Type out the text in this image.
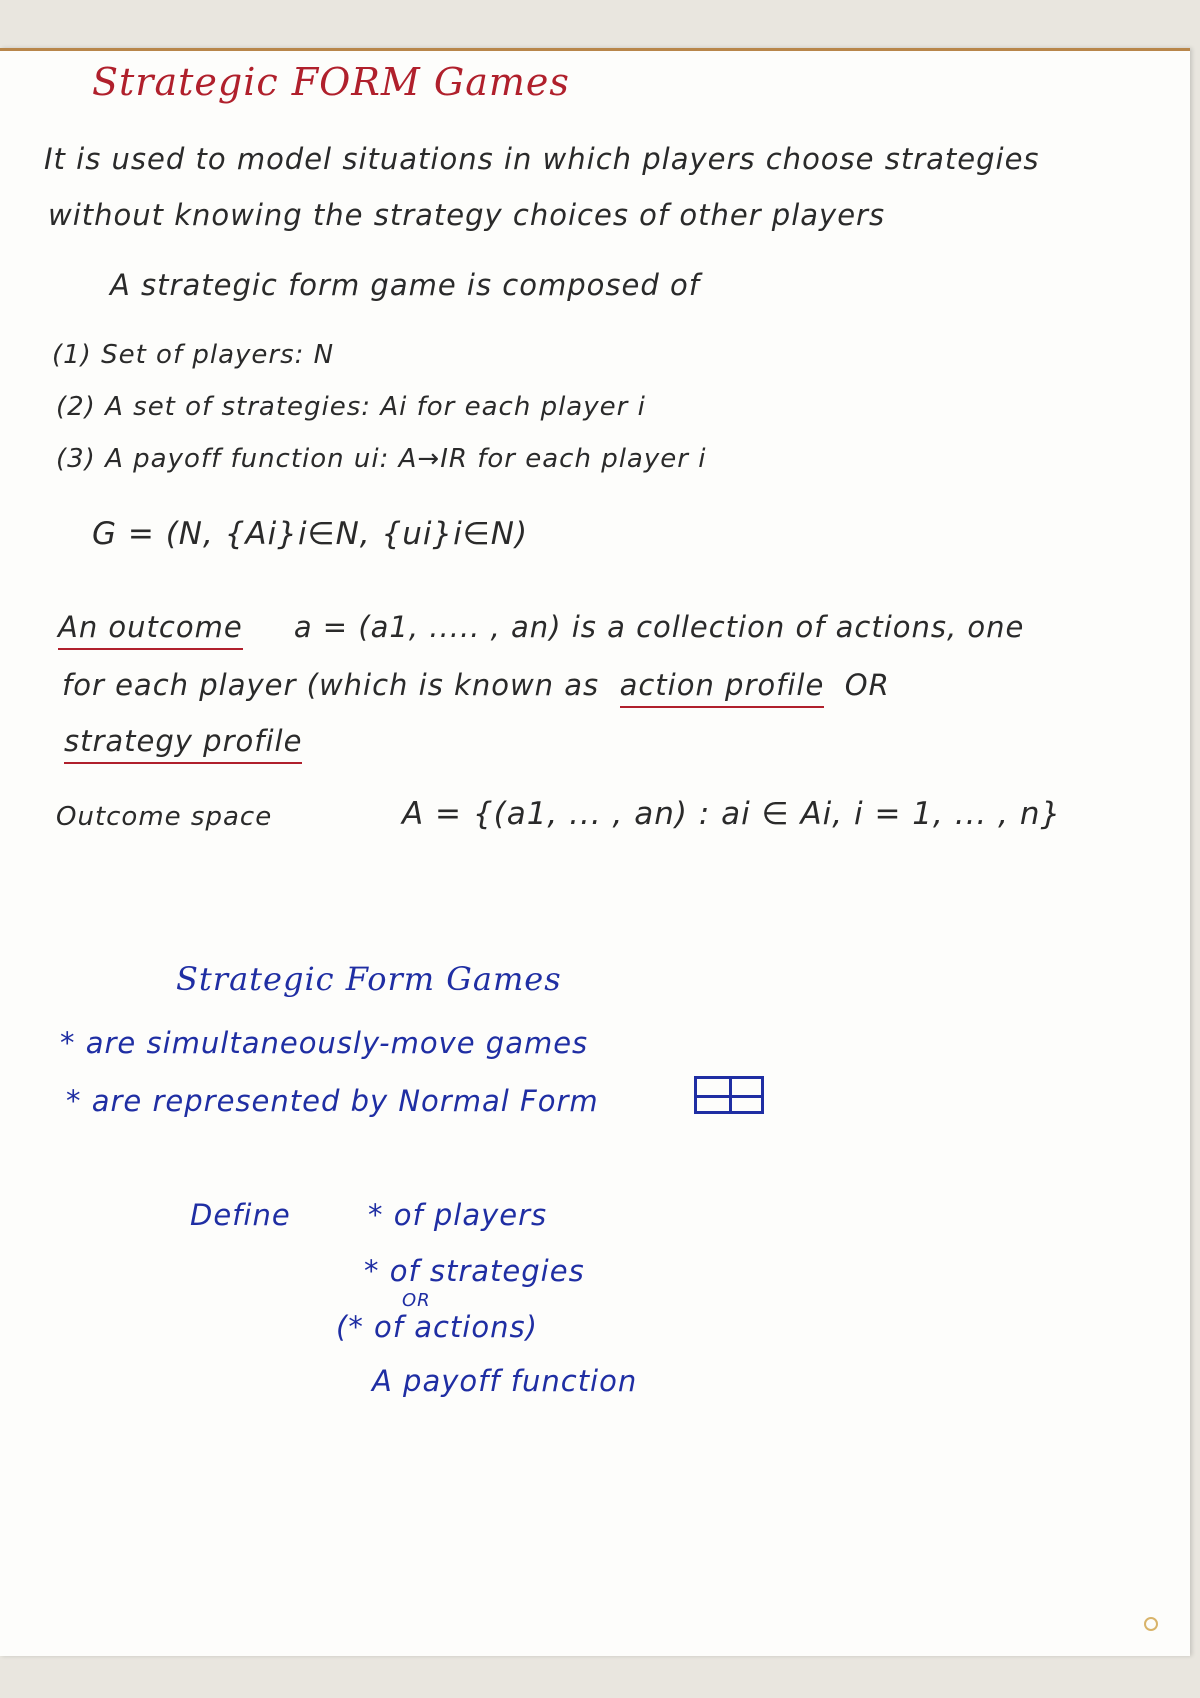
Strategic FORM Games
It is used to model situations in which players choose strategies
without knowing the strategy choices of other players
A strategic form game is composed of
(1) Set of players: N
(2) A set of strategies: Ai for each player i
(3) A payoff function ui: A→IR for each player i
G = (N, {Ai}i∈N, {ui}i∈N)
An outcome a = (a1, ..... , an) is a collection of actions, one
for each player (which is known as action profile OR
strategy profile
Outcome space	A = {(a1, ... , an) : ai ∈ Ai, i = 1, ... , n}
Strategic Form Games
* are simultaneously-move games
* are represented by Normal Form
Define	* of players
* of strategies
OR
(* of actions)
A payoff function
